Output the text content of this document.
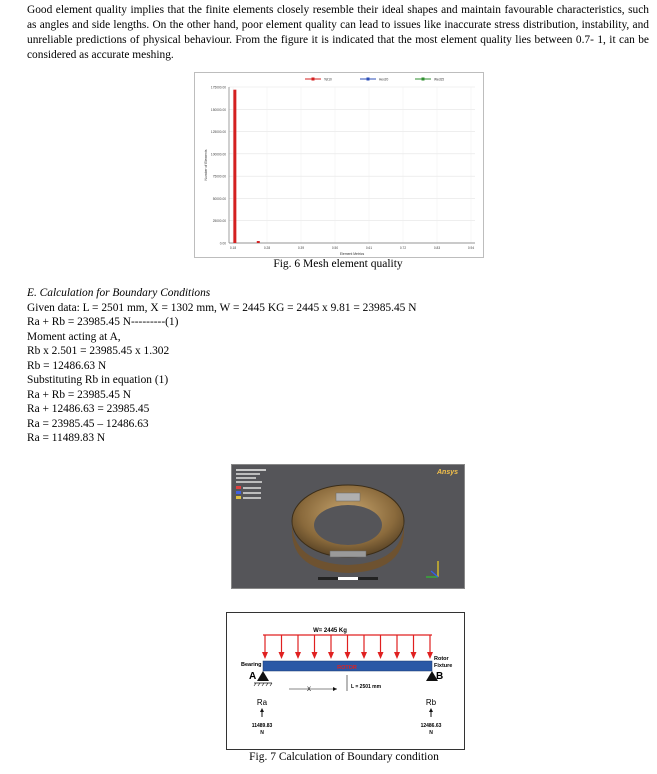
Good element quality implies that the finite elements closely resemble their ideal shapes and maintain favourable characteristics, such as angles and side lengths. On the other hand, poor element quality can lead to issues like inaccurate stress distribution, instability, and unreliable predictions of physical behaviour. From the figure it is indicated that the most element quality lies between 0.7- 1, it can be considered as accurate meshing.

175000.00
150000.00
125000.00
100000.00
75000.00
50000.00
25000.00
0.00
0.18	0.28	0.39	0.50	0.61	0.72	0.83	0.94
Element Metrics
Number of Elements
Tet10	Hex20	Wed15
Fig. 6 Mesh element quality
E. Calculation for Boundary Conditions
Given data: L = 2501 mm, X = 1302 mm, W = 2445 KG = 2445 x 9.81 = 23985.45 N
Ra + Rb = 23985.45 N---------(1)
Moment acting at A,
Rb x 2.501 = 23985.45 x 1.302
Rb = 12486.63 N
Substituting Rb in equation (1)
Ra + Rb = 23985.45 N
Ra + 12486.63 = 23985.45
Ra = 23985.45 – 12486.63
Ra = 11489.83 N
Ansys
W= 2445 Kg
ROTOR
Bearing
A
Rotor
Fixture
B
X	L = 2501 mm
Ra
11489.83
N
Rb
12486.63
N
Fig. 7 Calculation of Boundary condition
